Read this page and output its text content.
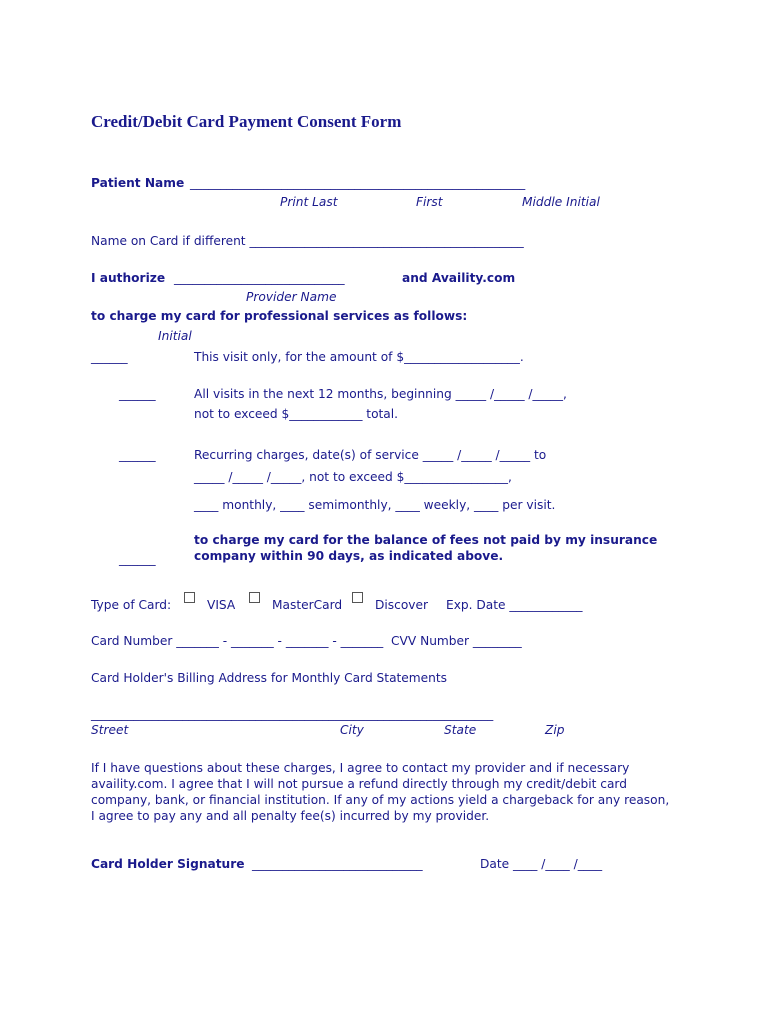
Credit/Debit Card Payment Consent Form
Patient Name _______________________________________________________
Print Last	First	Middle Initial
Name on Card if different _____________________________________________
I authorize ____________________________	and Availity.com
Provider Name
to charge my card for professional services as follows:
Initial
______	This visit only, for the amount of $___________________.
______	All visits in the next 12 months, beginning _____ /_____ /_____,
not to exceed $____________ total.
______	Recurring charges, date(s) of service _____ /_____ /_____ to
_____ /_____ /_____, not to exceed $_________________,
____ monthly, ____ semimonthly, ____ weekly, ____ per visit.
to charge my card for the balance of fees not paid by my insurance
company within 90 days, as indicated above.
______
Type of Card:	VISA	MasterCard	Discover Exp. Date ____________
Card Number _______ - _______ - _______ - _______  CVV Number ________
Card Holder's Billing Address for Monthly Card Statements
__________________________________________________________________
Street	City	State	Zip
If I have questions about these charges, I agree to contact my provider and if necessary availity.com. I agree that I will not pursue a refund directly through my credit/debit card company, bank, or financial institution. If any of my actions yield a chargeback for any reason, I agree to pay any and all penalty fee(s) incurred by my provider.
Card Holder Signature ____________________________	Date ____ /____ /____
